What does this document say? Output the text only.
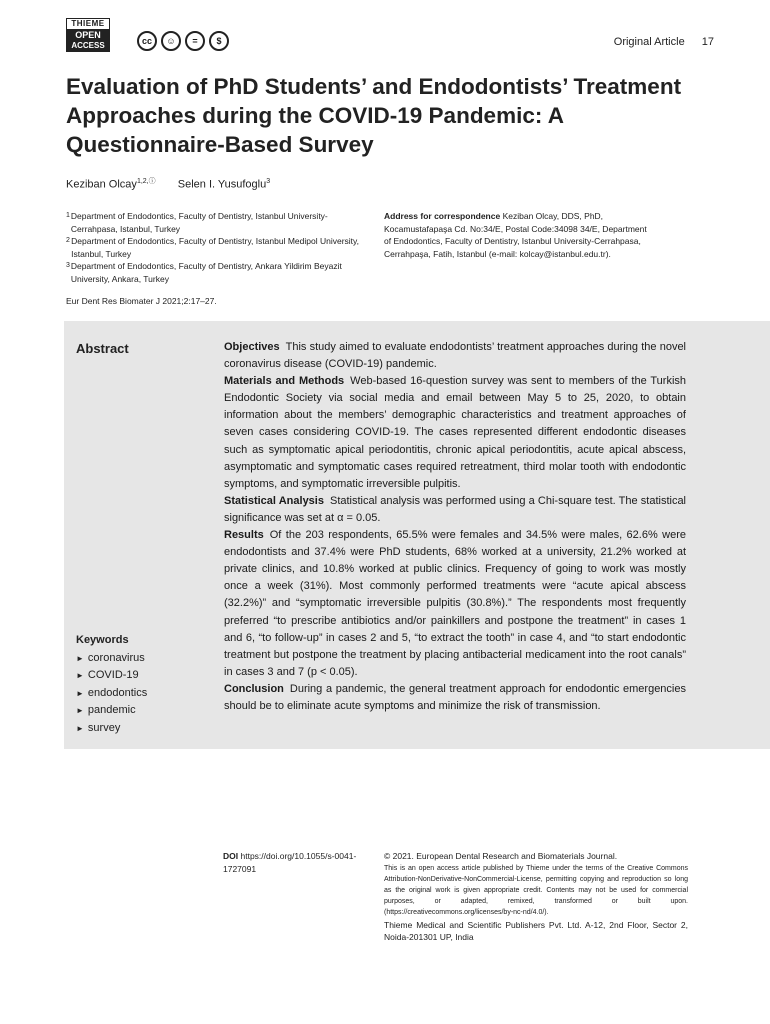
THIEME
OPEN
ACCESS	cc	☺	=	$	Original Article 17
Evaluation of PhD Students’ and Endodontists’ Treatment Approaches during the COVID-19 Pandemic: A Questionnaire-Based Survey
Keziban Olcay$^{1,2,ⓘ}$ Selen I. Yusufoglu$^3$
1 Department of Endodontics, Faculty of Dentistry, Istanbul University-Cerrahpasa, Istanbul, Turkey
2 Department of Endodontics, Faculty of Dentistry, Istanbul Medipol University, Istanbul, Turkey
3 Department of Endodontics, Faculty of Dentistry, Ankara Yildirim Beyazit University, Ankara, Turkey
Address for correspondence Keziban Olcay, DDS, PhD, Kocamustafapaşa Cd. No:34/E, Postal Code:34098 34/E, Department of Endodontics, Faculty of Dentistry, Istanbul University-Cerrahpasa, Cerrahpaşa, Fatih, Istanbul (e-mail: kolcay@istanbul.edu.tr).
Eur Dent Res Biomater J 2021;2:17–27.
Abstract	Objectives This study aimed to evaluate endodontists’ treatment approaches during the novel coronavirus disease (COVID-19) pandemic.

Materials and Methods Web-based 16-question survey was sent to members of the Turkish Endodontic Society via social media and email between May 5 to 25, 2020, to obtain information about the members’ demographic characteristics and treatment approaches of seven cases considering COVID-19. The cases represented different endodontic diseases such as symptomatic apical periodontitis, chronic apical periodontitis, acute apical abscess, asymptomatic and symptomatic cases required retreatment, third molar tooth with endodontic symptoms, and symptomatic irreversible pulpitis.

Statistical Analysis Statistical analysis was performed using a Chi-square test. The statistical significance was set at α = 0.05.

Results Of the 203 respondents, 65.5% were females and 34.5% were males, 62.6% were endodontists and 37.4% were PhD students, 68% worked at a university, 21.2% worked at private clinics, and 10.8% worked at public clinics. Frequency of going to work was mostly once a week (31%). Most commonly performed treatments were “acute apical abscess (32.2%)” and “symptomatic irreversible pulpitis (30.8%).” The respondents most frequently preferred “to prescribe antibiotics and/or painkillers and postpone the treatment” in cases 1 and 6, “to follow-up” in cases 2 and 5, “to extract the tooth” in case 4, and “to start endodontic treatment but postpone the treatment by placing antibacterial medicament into the root canals” in cases 3 and 7 (p < 0.05).

Conclusion During a pandemic, the general treatment approach for endodontic emergencies should be to eliminate acute symptoms and minimize the risk of transmission.

Keywords
► coronavirus
► COVID-19
► endodontics
► pandemic
► survey
DOI https://doi.org/10.1055/s-0041-1727091
© 2021. European Dental Research and Biomaterials Journal.
This is an open access article published by Thieme under the terms of the Creative Commons Attribution-NonDerivative-NonCommercial-License, permitting copying and reproduction so long as the original work is given appropriate credit. Contents may not be used for commercial purposes, or adapted, remixed, transformed or built upon. (https://creativecommons.org/licenses/by-nc-nd/4.0/).
Thieme Medical and Scientific Publishers Pvt. Ltd. A-12, 2nd Floor, Sector 2, Noida-201301 UP, India
